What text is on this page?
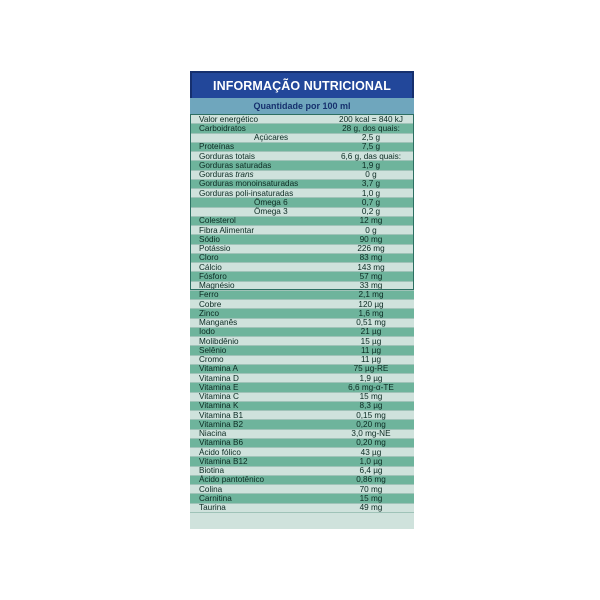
INFORMAÇÃO NUTRICIONAL
Quantidade por 100 ml
Valor energético	200 kcal = 840 kJ
Carboidratos	28 g, dos quais:
Açúcares	2,5 g
Proteínas	7,5 g
Gorduras totais	6,6 g, das quais:
Gorduras saturadas	1,9 g
Gorduras trans	0 g
Gorduras monoinsaturadas	3,7 g
Gorduras poli-insaturadas	1,0 g
Ômega 6	0,7 g
Ômega 3	0,2 g
Colesterol	12 mg
Fibra Alimentar	0 g
Sódio	90 mg
Potássio	226 mg
Cloro	83 mg
Cálcio	143 mg
Fósforo	57 mg
Magnésio	33 mg
Ferro	2,1 mg
Cobre	120 µg
Zinco	1,6 mg
Manganês	0,51 mg
Iodo	21 µg
Molibdênio	15 µg
Selênio	11 µg
Cromo	11 µg
Vitamina A	75 µg-RE
Vitamina D	1,9 µg
Vitamina E	6,6 mg-α-TE
Vitamina C	15 mg
Vitamina K	8,3 µg
Vitamina B1	0,15 mg
Vitamina B2	0,20 mg
Niacina	3,0 mg-NE
Vitamina B6	0,20 mg
Ácido fólico	43 µg
Vitamina B12	1,0 µg
Biotina	6,4 µg
Ácido pantotênico	0,86 mg
Colina	70 mg
Carnitina	15 mg
Taurina	49 mg
